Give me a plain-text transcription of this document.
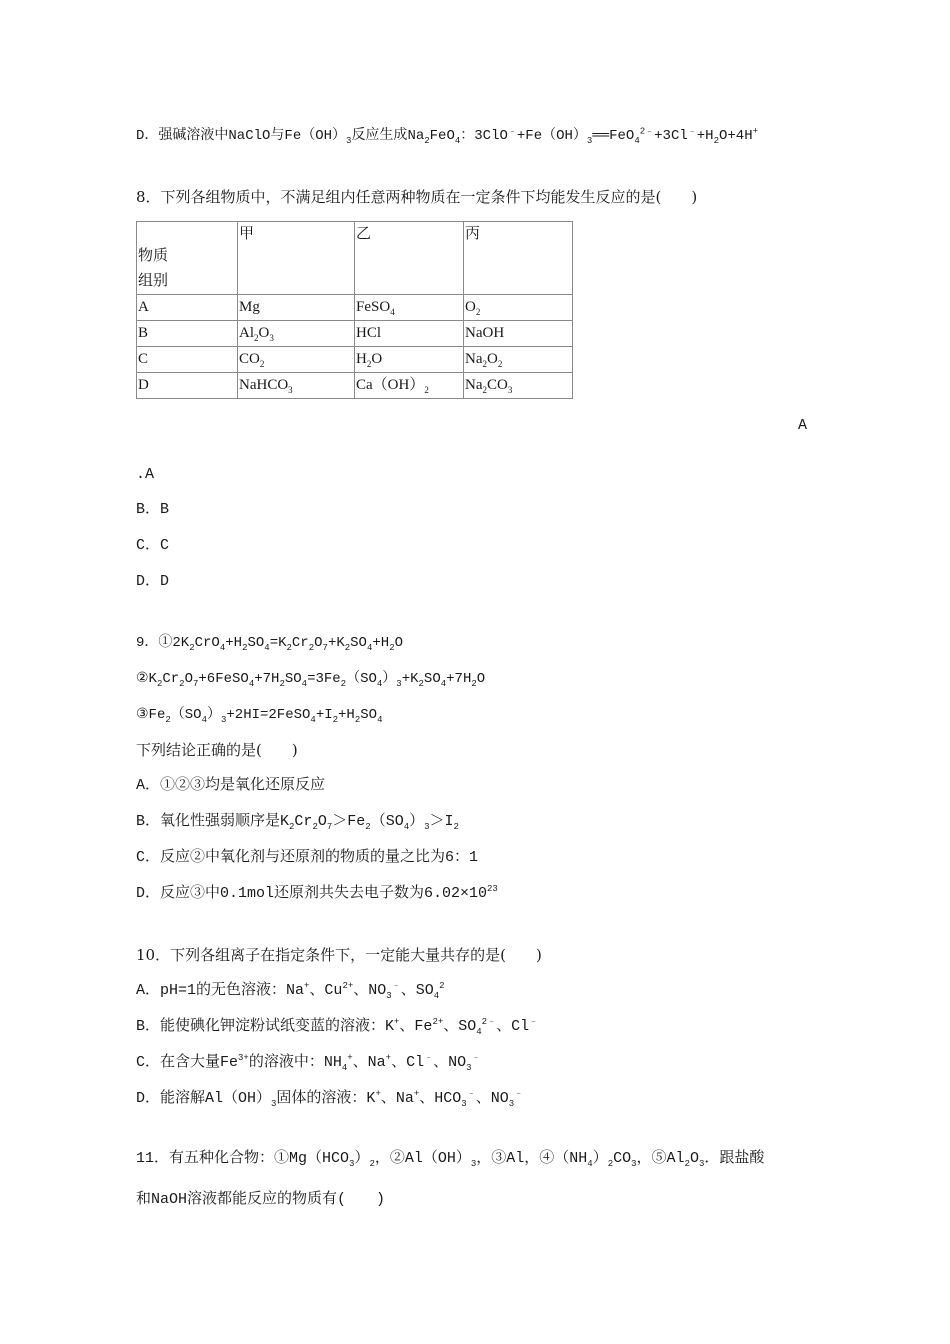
D．强碱溶液中NaClO与$Fe(OH)_3$反应生成$Na_2FeO_4$：$3ClO^﹣+Fe(OH)_3══FeO_4^{2﹣}+3Cl^﹣+H_2O+4H^+$
8．下列各组物质中，不满足组内任意两种物质在一定条件下均能发生反应的是(　　)
物质
组别	甲	乙	丙
A	Mg	FeSO$_4$	$O_2$
B	$Al_2O_3$	HCl	NaOH
C	$CO_2$	$H_2O$	$Na_2O_2$
D	NaHCO$_3$	$Ca(OH)_2$	$Na_2CO_3$
A
.A
B．B
C．C
D．D
9．$①2K_2CrO_4+H_2SO_4=K_2Cr_2O_7+K_2SO_4+H_2O$
$②K_2Cr_2O_7+6FeSO_4+7H_2SO_4=3Fe_2(SO_4)_3+K_2SO_4+7H_2O$
$③Fe_2(SO_4)_3+2HI=2FeSO_4+I_2+H_2SO_4$
下列结论正确的是(　　)
A．①②③均是氧化还原反应
B．氧化性强弱顺序是$K_2Cr_2O_7>Fe_2(SO_4)_3>I_2$
C．反应②中氧化剂与还原剂的物质的量之比为6：1
D．反应③中0.1mol还原剂共失去电子数为$6.02\times 10^{23}$
10．下列各组离子在指定条件下，一定能大量共存的是(　　)
A．pH=1的无色溶液：Na+、$Cu^{2+}$、$NO_3^﹣$、$SO_4^2$
B．能使碘化钾淀粉试纸变蓝的溶液：K+、$Fe^{2+}$、$SO_4^{2﹣}$、Cl﹣
C．在含大量$Fe^{3+}$的溶液中：$NH_4^+$、Na+、Cl﹣、$NO_3^﹣$
D．能溶解$Al(OH)_3$固体的溶液：K+、Na+、$HCO_3^﹣$、$NO_3^﹣$
11．有五种化合物：$①Mg(HCO_3)_2$，$②Al(OH)_3$，③Al，$④(NH_4)_2CO_3$，$⑤Al_2O_3$．跟盐酸
和NaOH溶液都能反应的物质有(　　)
